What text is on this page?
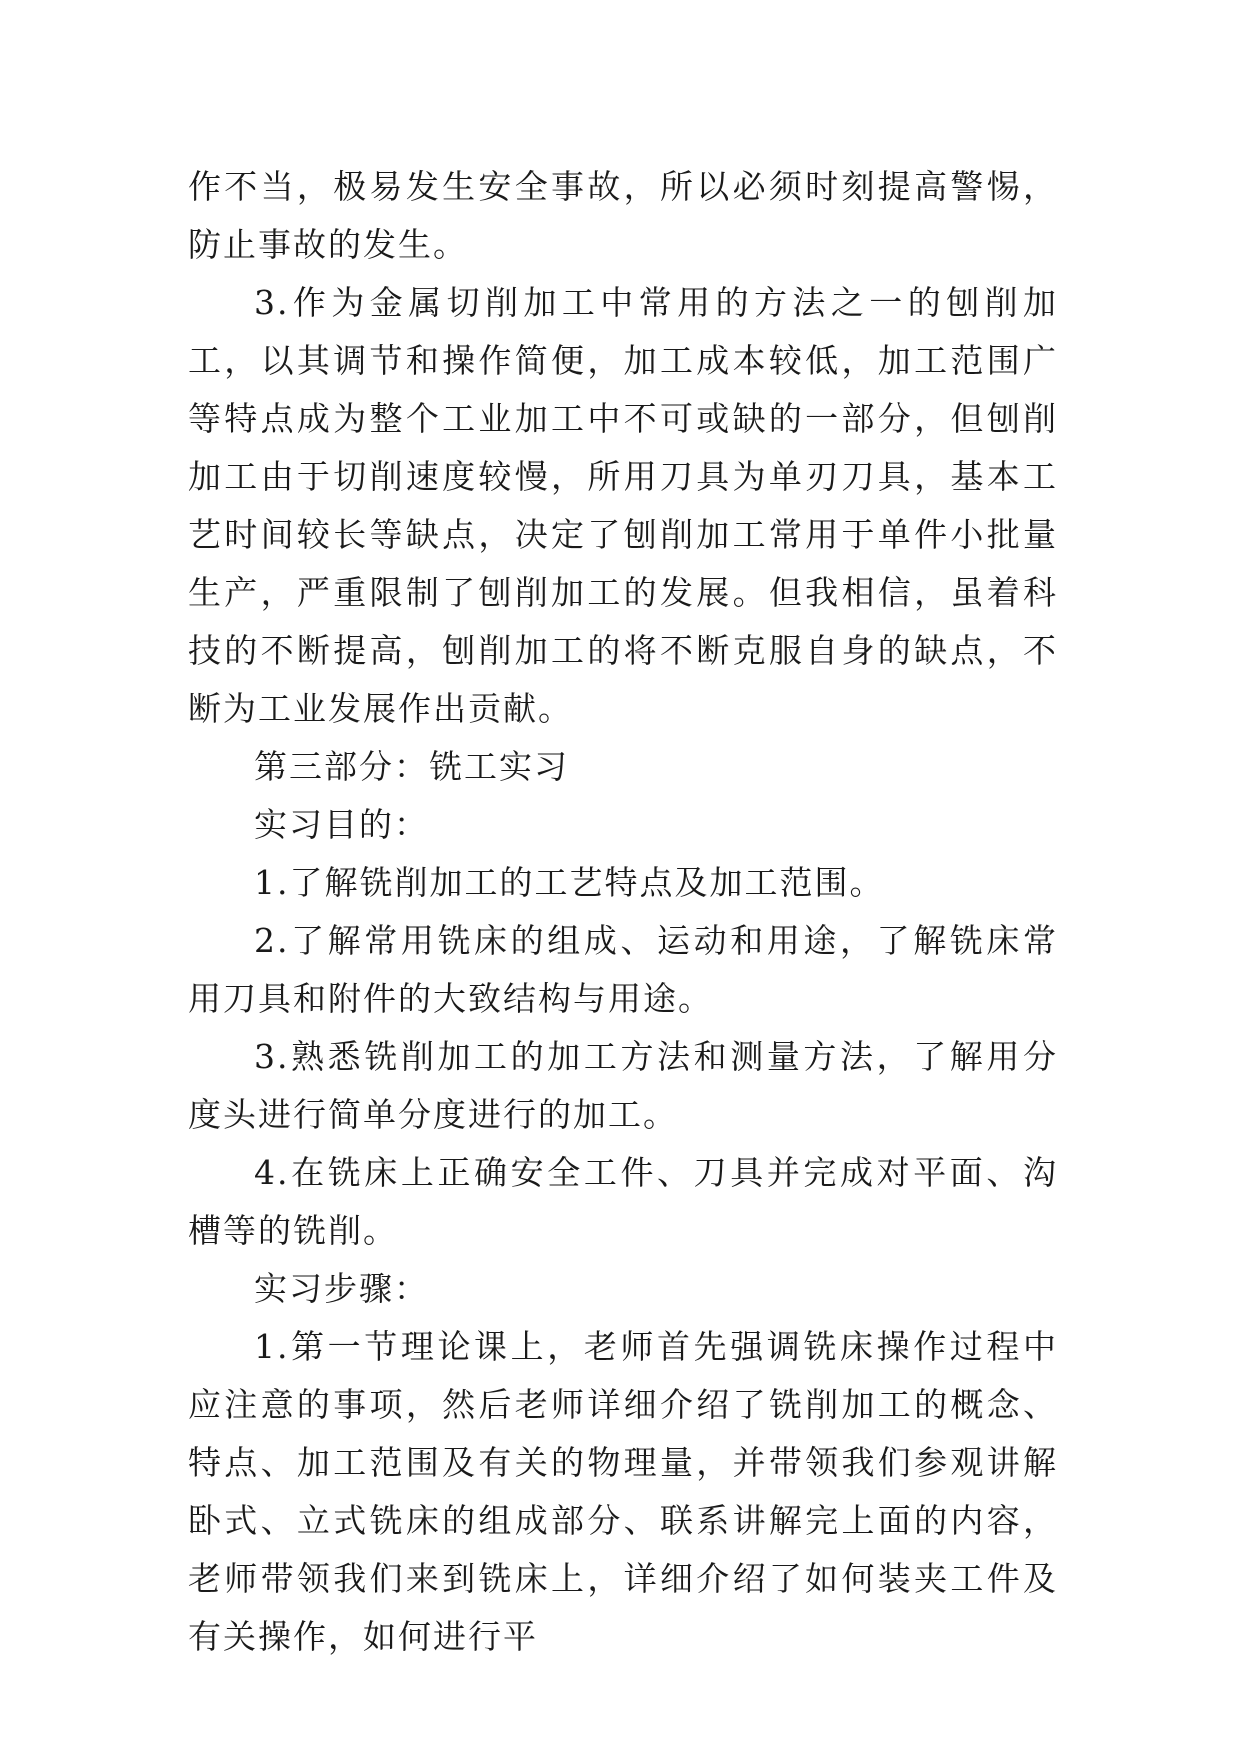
作不当，极易发生安全事故，所以必须时刻提高警惕，防止事故的发生。

3.作为金属切削加工中常用的方法之一的刨削加工，以其调节和操作简便，加工成本较低，加工范围广等特点成为整个工业加工中不可或缺的一部分，但刨削加工由于切削速度较慢，所用刀具为单刃刀具，基本工艺时间较长等缺点，决定了刨削加工常用于单件小批量生产，严重限制了刨削加工的发展。但我相信，虽着科技的不断提高，刨削加工的将不断克服自身的缺点，不断为工业发展作出贡献。

第三部分：铣工实习

实习目的：

1.了解铣削加工的工艺特点及加工范围。

2.了解常用铣床的组成、运动和用途，了解铣床常用刀具和附件的大致结构与用途。

3.熟悉铣削加工的加工方法和测量方法，了解用分度头进行简单分度进行的加工。

4.在铣床上正确安全工件、刀具并完成对平面、沟槽等的铣削。

实习步骤：

1.第一节理论课上，老师首先强调铣床操作过程中应注意的事项，然后老师详细介绍了铣削加工的概念、特点、加工范围及有关的物理量，并带领我们参观讲解卧式、立式铣床的组成部分、联系讲解完上面的内容，老师带领我们来到铣床上，详细介绍了如何装夹工件及有关操作，如何进行平
